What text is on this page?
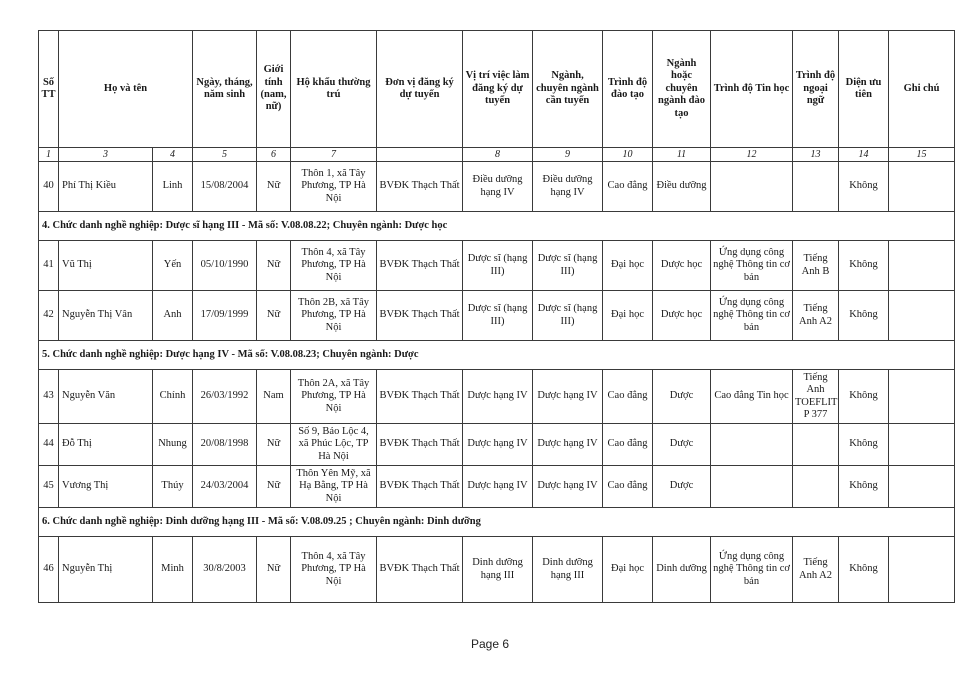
Số TT	Họ và tên		Ngày, tháng, năm sinh	Giới tính (nam, nữ)	Hộ khẩu thường trú	Đơn vị đăng ký dự tuyển	Vị trí việc làm đăng ký dự tuyển	Ngành, chuyên ngành cần tuyển	Trình độ đào tạo	Ngành hoặc chuyên ngành đào tạo	Trình độ Tin học	Trình độ ngoại ngữ	Diện ưu tiên	Ghi chú
1	3	4	5	6	7		8	9	10	11	12	13	14	15
40	Phí Thị Kiều	Linh	15/08/2004	Nữ	Thôn 1, xã Tây Phương, TP Hà Nội	BVĐK Thạch Thất	Điều dưỡng hạng IV	Điều dưỡng hạng IV	Cao đẳng	Điều dưỡng			Không	
4. Chức danh nghề nghiệp: Dược sĩ hạng III - Mã số: V.08.08.22; Chuyên ngành: Dược học														
41	Vũ Thị	Yến	05/10/1990	Nữ	Thôn 4, xã Tây Phương, TP Hà Nội	BVĐK Thạch Thất	Dược sĩ (hạng III)	Dược sĩ (hạng III)	Đại học	Dược học	Ứng dụng công nghệ Thông tin cơ bản	Tiếng Anh B	Không	
42	Nguyễn Thị Vân	Anh	17/09/1999	Nữ	Thôn 2B, xã Tây Phương, TP Hà Nội	BVĐK Thạch Thất	Dược sĩ (hạng III)	Dược sĩ (hạng III)	Đại học	Dược học	Ứng dụng công nghệ Thông tin cơ bản	Tiếng Anh A2	Không	
5. Chức danh nghề nghiệp: Dược hạng IV - Mã số: V.08.08.23; Chuyên ngành: Dược														
43	Nguyễn Văn	Chính	26/03/1992	Nam	Thôn 2A, xã Tây Phương, TP Hà Nội	BVĐK Thạch Thất	Dược hạng IV	Dược hạng IV	Cao đẳng	Dược	Cao đẳng Tin học	Tiếng Anh TOEFLIT P 377	Không	
44	Đỗ Thị	Nhung	20/08/1998	Nữ	Số 9, Bảo Lộc 4, xã Phúc Lộc, TP Hà Nội	BVĐK Thạch Thất	Dược hạng IV	Dược hạng IV	Cao đẳng	Dược			Không	
45	Vương Thị	Thúy	24/03/2004	Nữ	Thôn Yên Mỹ, xã Hạ Bằng, TP Hà Nội	BVĐK Thạch Thất	Dược hạng IV	Dược hạng IV	Cao đẳng	Dược			Không	
6. Chức danh nghề nghiệp: Dinh dưỡng hạng III - Mã số: V.08.09.25 ; Chuyên ngành: Dinh dưỡng														
46	Nguyễn Thị	Minh	30/8/2003	Nữ	Thôn 4, xã Tây Phương, TP Hà Nội	BVĐK Thạch Thất	Dinh dưỡng hạng III	Dinh dưỡng hạng III	Đại học	Dinh dưỡng	Ứng dụng công nghệ Thông tin cơ bản	Tiếng Anh A2	Không	
Page 6
